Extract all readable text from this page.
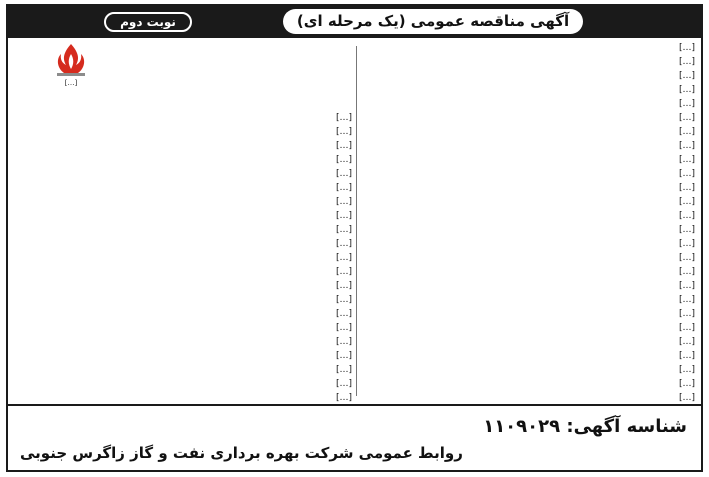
آگهی مناقصه عمومی (یک مرحله ای)
نوبت دوم
[…]
[…]
[…]
[…]
[…]
[…]
[…]
[…]
[…]
[…]
[…]
[…]
[…]
[…]
[…]
[…]
[…]
[…]
[…]
[…]
[…]
[…]
[…]
[…]
[…]
[…]
[…]
[…]
[…]
[…]
[…]
[…]
[…]
[…]
[…]
[…]
[…]
[…]
[…]
[…]
[…]
[…]
[…]
[…]
[…]
[…]
[…]
[…]
شناسه آگهی: ۱۱۰۹۰۲۹
روابط عمومی شرکت بهره برداری نفت و گاز زاگرس جنوبی
